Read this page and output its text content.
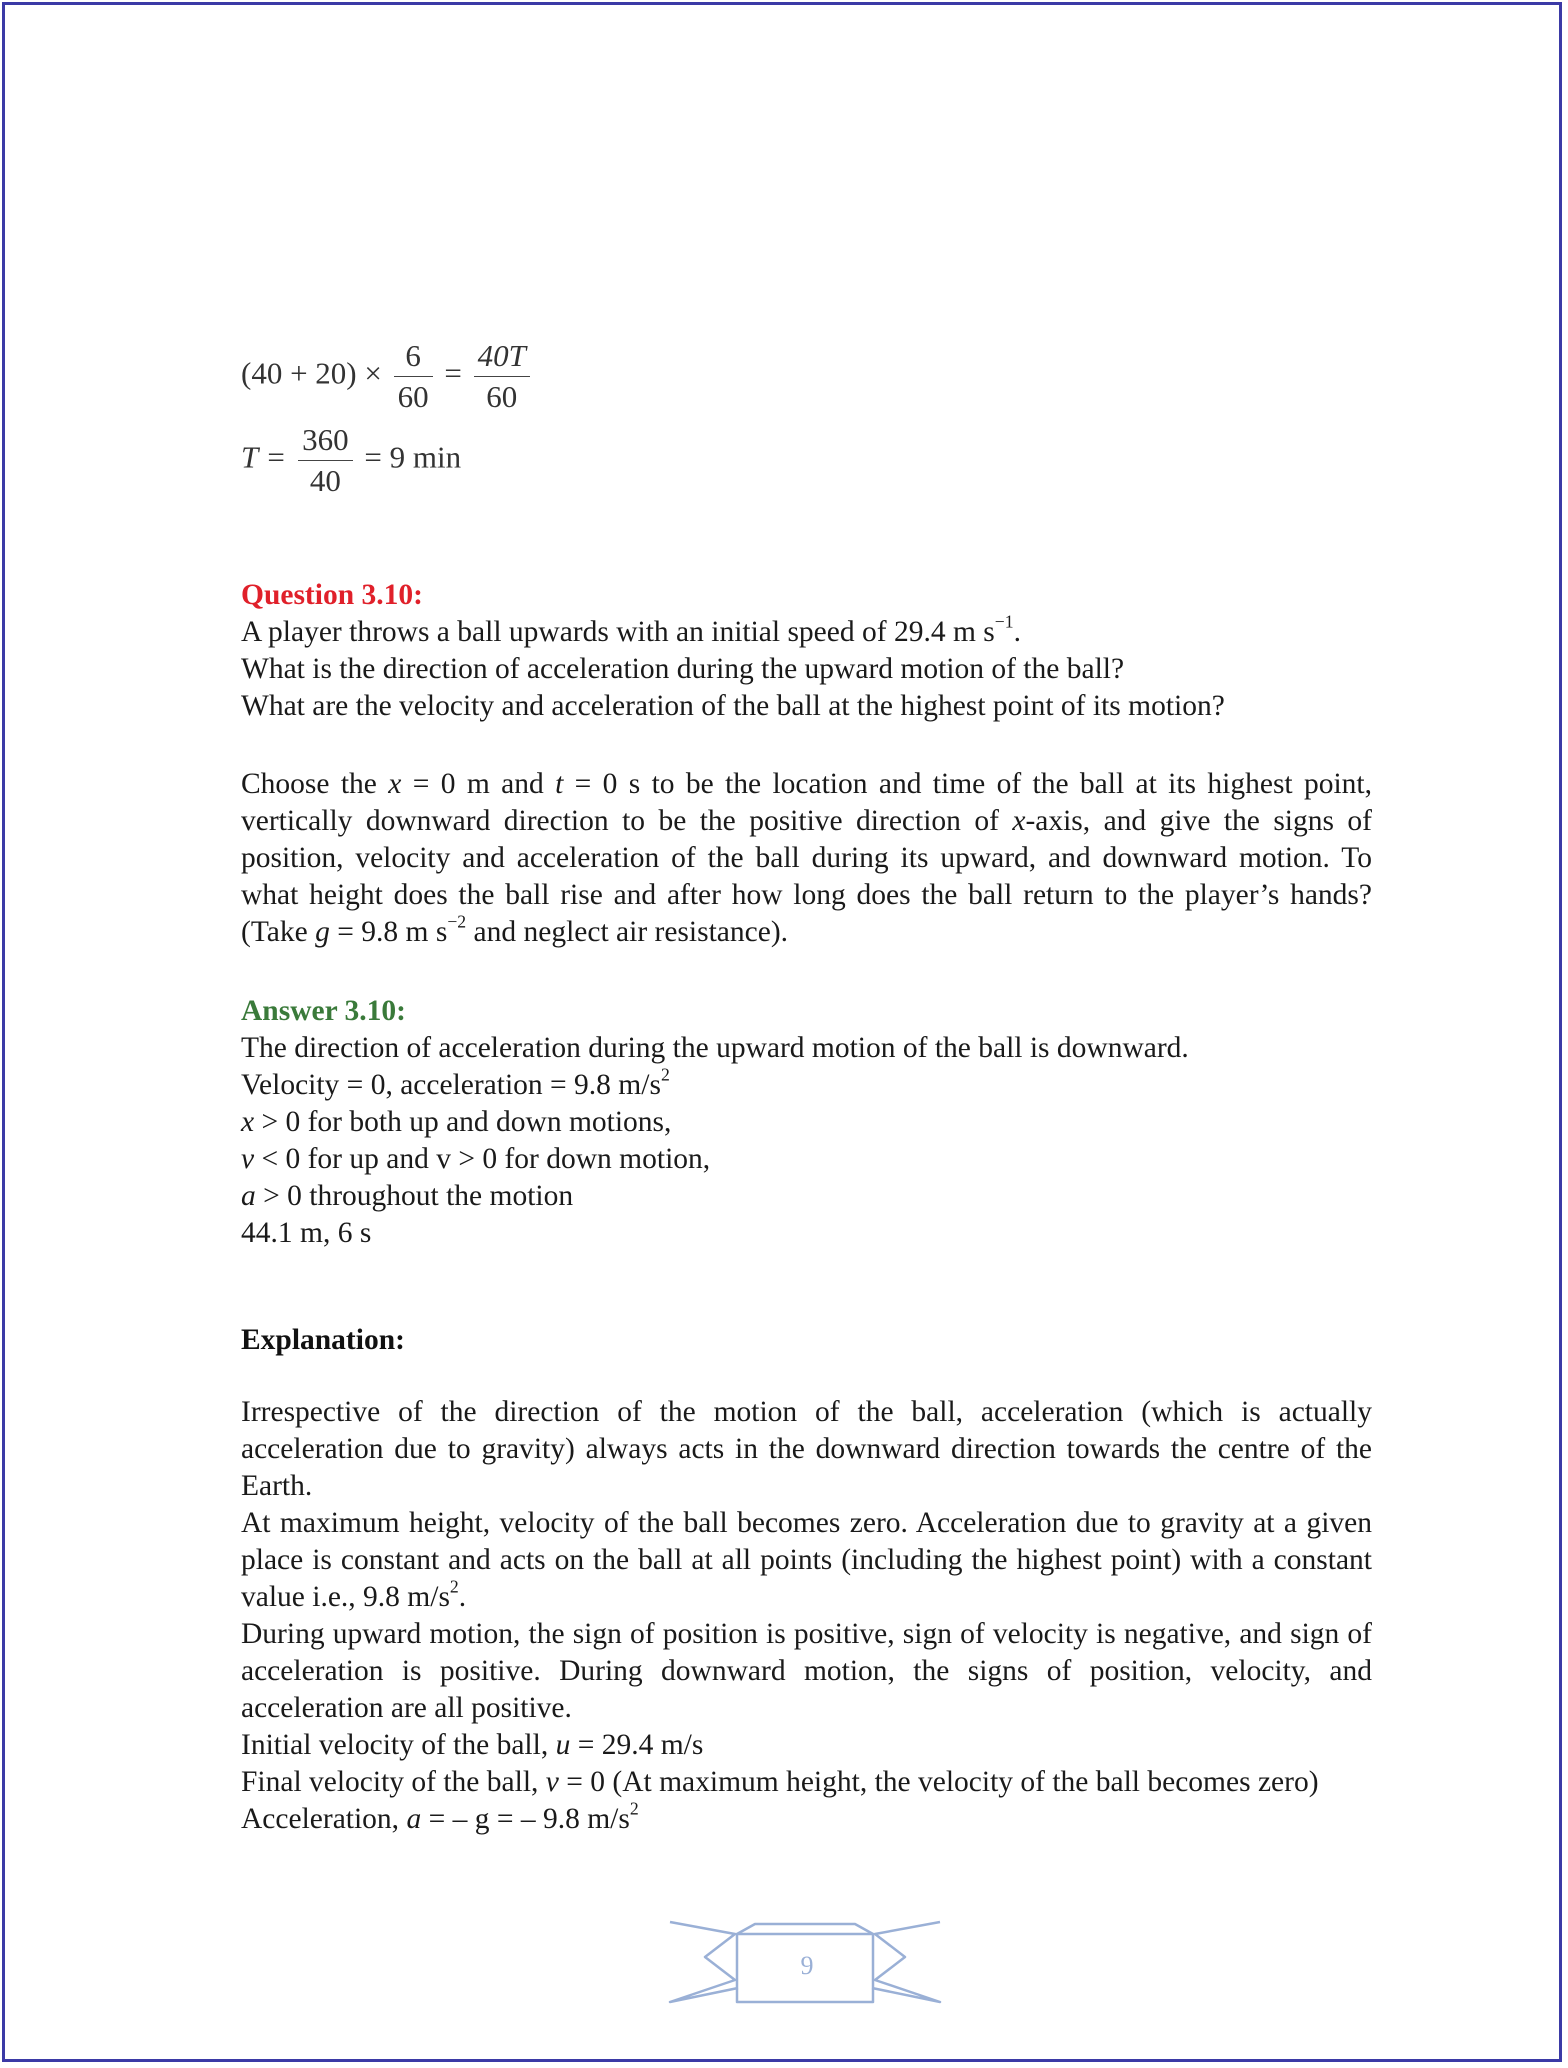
$(40 + 20) \times \frac{6}{60} = \frac{40T}{60}$
$T = \frac{360}{40} = 9$ min
Question 3.10:
A player throws a ball upwards with an initial speed of 29.4 m $s^{-1}$.
What is the direction of acceleration during the upward motion of the ball?
What are the velocity and acceleration of the ball at the highest point of its motion?
Choose the x = 0 m and t = 0 s to be the location and time of the ball at its highest point, vertically downward direction to be the positive direction of x-axis, and give the signs of position, velocity and acceleration of the ball during its upward, and downward motion. To what height does the ball rise and after how long does the ball return to the player’s hands? (Take g = 9.8 m $s^{-2}$ and neglect air resistance).
Answer 3.10:
The direction of acceleration during the upward motion of the ball is downward.
Velocity = 0, acceleration = 9.8 $m/s^2$
x > 0 for both up and down motions,
v < 0 for up and v > 0 for down motion,
a > 0 throughout the motion
44.1 m, 6 s
Explanation:
Irrespective of the direction of the motion of the ball, acceleration (which is actually acceleration due to gravity) always acts in the downward direction towards the centre of the Earth.
At maximum height, velocity of the ball becomes zero. Acceleration due to gravity at a given place is constant and acts on the ball at all points (including the highest point) with a constant value i.e., 9.8 $m/s^2$.
During upward motion, the sign of position is positive, sign of velocity is negative, and sign of acceleration is positive. During downward motion, the signs of position, velocity, and acceleration are all positive.
Initial velocity of the ball, u = 29.4 m/s
Final velocity of the ball, v = 0 (At maximum height, the velocity of the ball becomes zero)
Acceleration, a = – g = – 9.8 $m/s^2$
9
